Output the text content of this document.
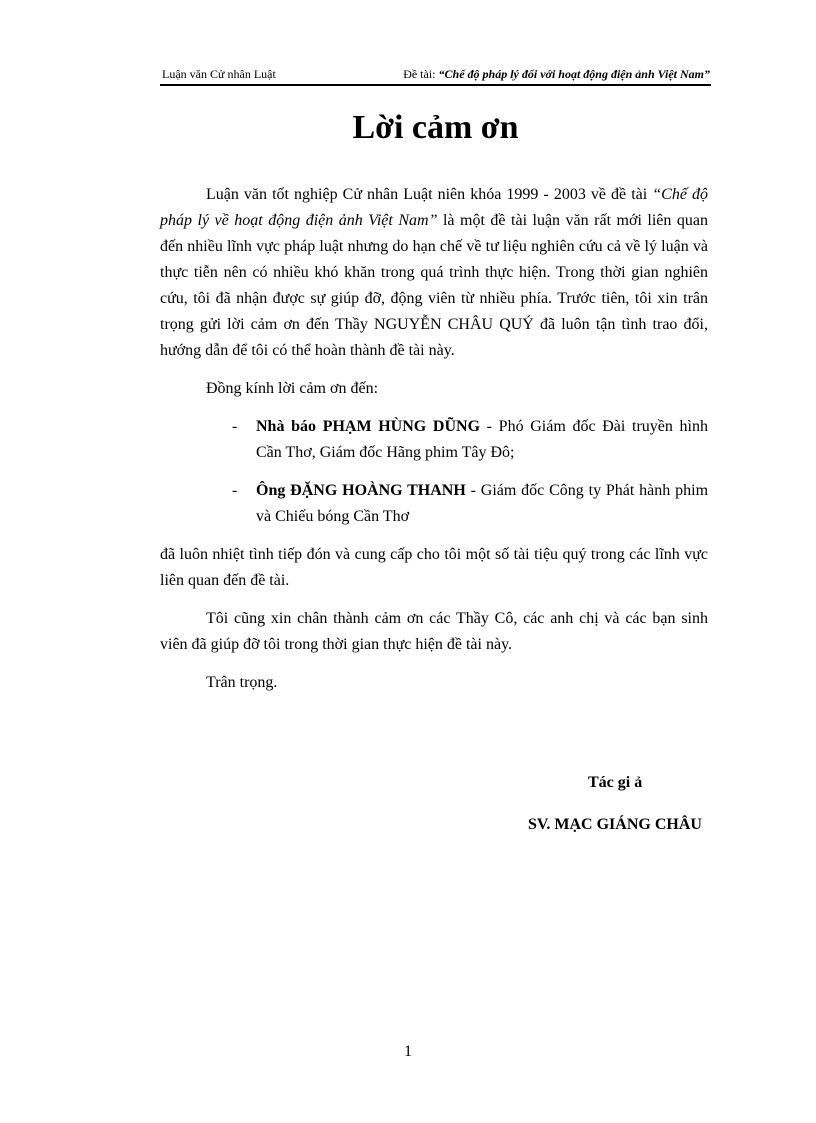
Luận văn Cử nhân Luật	Đề tài: “Chế độ pháp lý đối với hoạt động điện ảnh Việt Nam”
Lời cảm ơn

Luận văn tốt nghiệp Cử nhân Luật niên khóa 1999 - 2003 về đề tài “Chế độ pháp lý về hoạt động điện ảnh Việt Nam” là một đề tài luận văn rất mới liên quan đến nhiều lĩnh vực pháp luật nhưng do hạn chế về tư liệu nghiên cứu cả về lý luận và thực tiễn nên có nhiều khó khăn trong quá trình thực hiện. Trong thời gian nghiên cứu, tôi đã nhận được sự giúp đỡ, động viên từ nhiều phía. Trước tiên, tôi xin trân trọng gửi lời cảm ơn đến Thầy NGUYỄN CHÂU QUÝ đã luôn tận tình trao đổi, hướng dẫn để tôi có thể hoàn thành đề tài này.

Đồng kính lời cảm ơn đến:

- Nhà báo PHẠM HÙNG DŨNG - Phó Giám đốc Đài truyền hình Cần Thơ, Giám đốc Hãng phim Tây Đô;

- Ông ĐẶNG HOÀNG THANH - Giám đốc Công ty Phát hành phim và Chiếu bóng Cần Thơ

đã luôn nhiệt tình tiếp đón và cung cấp cho tôi một số tài tiệu quý trong các lĩnh vực liên quan đến đề tài.

Tôi cũng xin chân thành cảm ơn các Thầy Cô, các anh chị và các bạn sinh viên đã giúp đỡ tôi trong thời gian thực hiện đề tài này.

Trân trọng.

Tác gi ả
SV. MẠC GIÁNG CHÂU
1
